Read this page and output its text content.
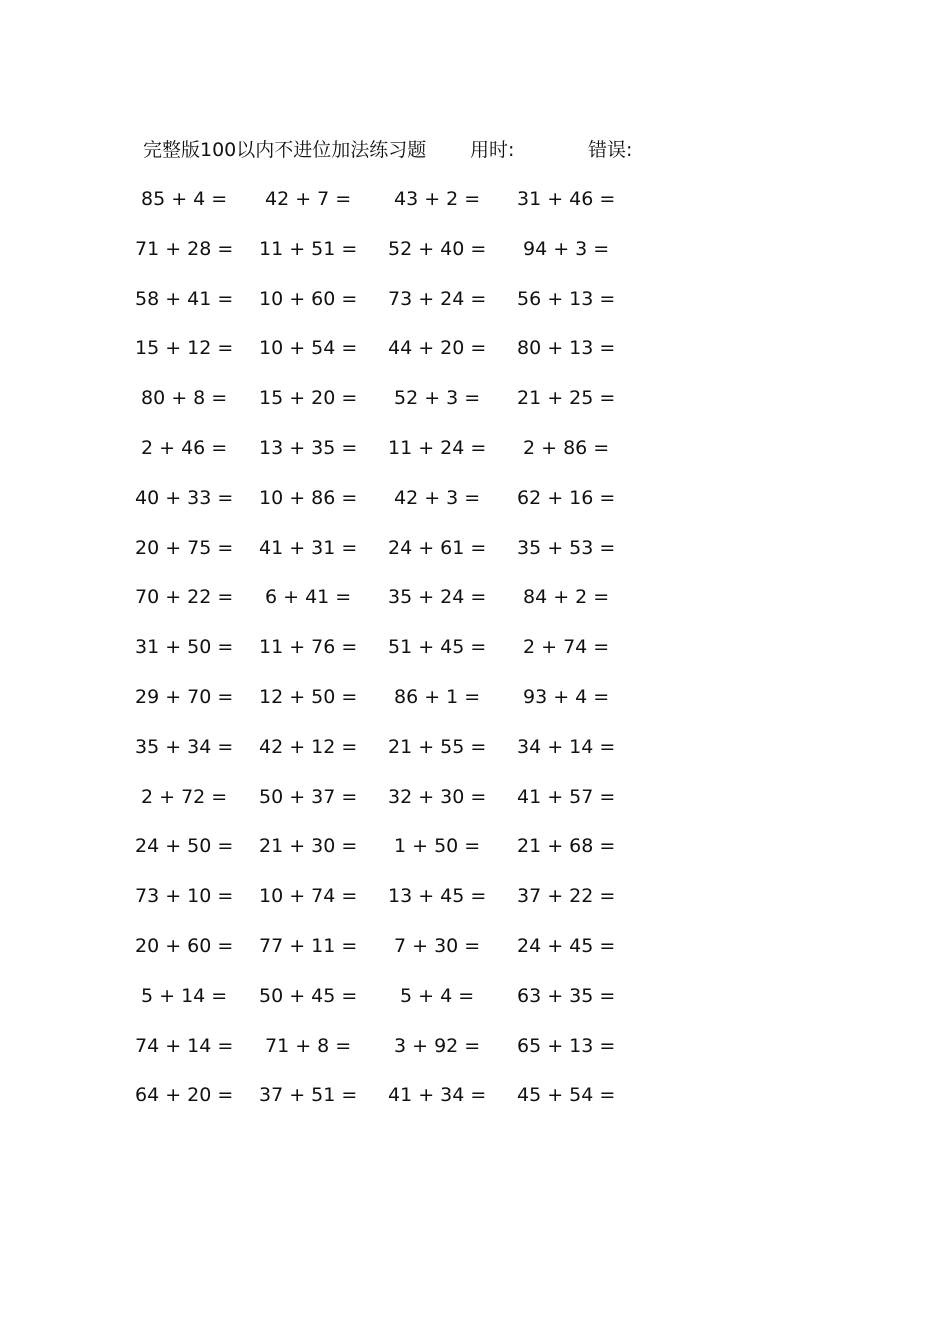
完整版100以内不进位加法练习题 用时:	错误:
85 + 4 = 42 + 7 = 43 + 2 = 31 + 46 =
71 + 28 = 11 + 51 = 52 + 40 = 94 + 3 =
58 + 41 = 10 + 60 = 73 + 24 = 56 + 13 =
15 + 12 = 10 + 54 = 44 + 20 = 80 + 13 =
80 + 8 = 15 + 20 = 52 + 3 = 21 + 25 =
2 + 46 = 13 + 35 = 11 + 24 = 2 + 86 =
40 + 33 = 10 + 86 = 42 + 3 = 62 + 16 =
20 + 75 = 41 + 31 = 24 + 61 = 35 + 53 =
70 + 22 = 6 + 41 = 35 + 24 = 84 + 2 =
31 + 50 = 11 + 76 = 51 + 45 = 2 + 74 =
29 + 70 = 12 + 50 = 86 + 1 = 93 + 4 =
35 + 34 = 42 + 12 = 21 + 55 = 34 + 14 =
2 + 72 = 50 + 37 = 32 + 30 = 41 + 57 =
24 + 50 = 21 + 30 = 1 + 50 = 21 + 68 =
73 + 10 = 10 + 74 = 13 + 45 = 37 + 22 =
20 + 60 = 77 + 11 = 7 + 30 = 24 + 45 =
5 + 14 = 50 + 45 = 5 + 4 = 63 + 35 =
74 + 14 = 71 + 8 = 3 + 92 = 65 + 13 =
64 + 20 = 37 + 51 = 41 + 34 = 45 + 54 =
